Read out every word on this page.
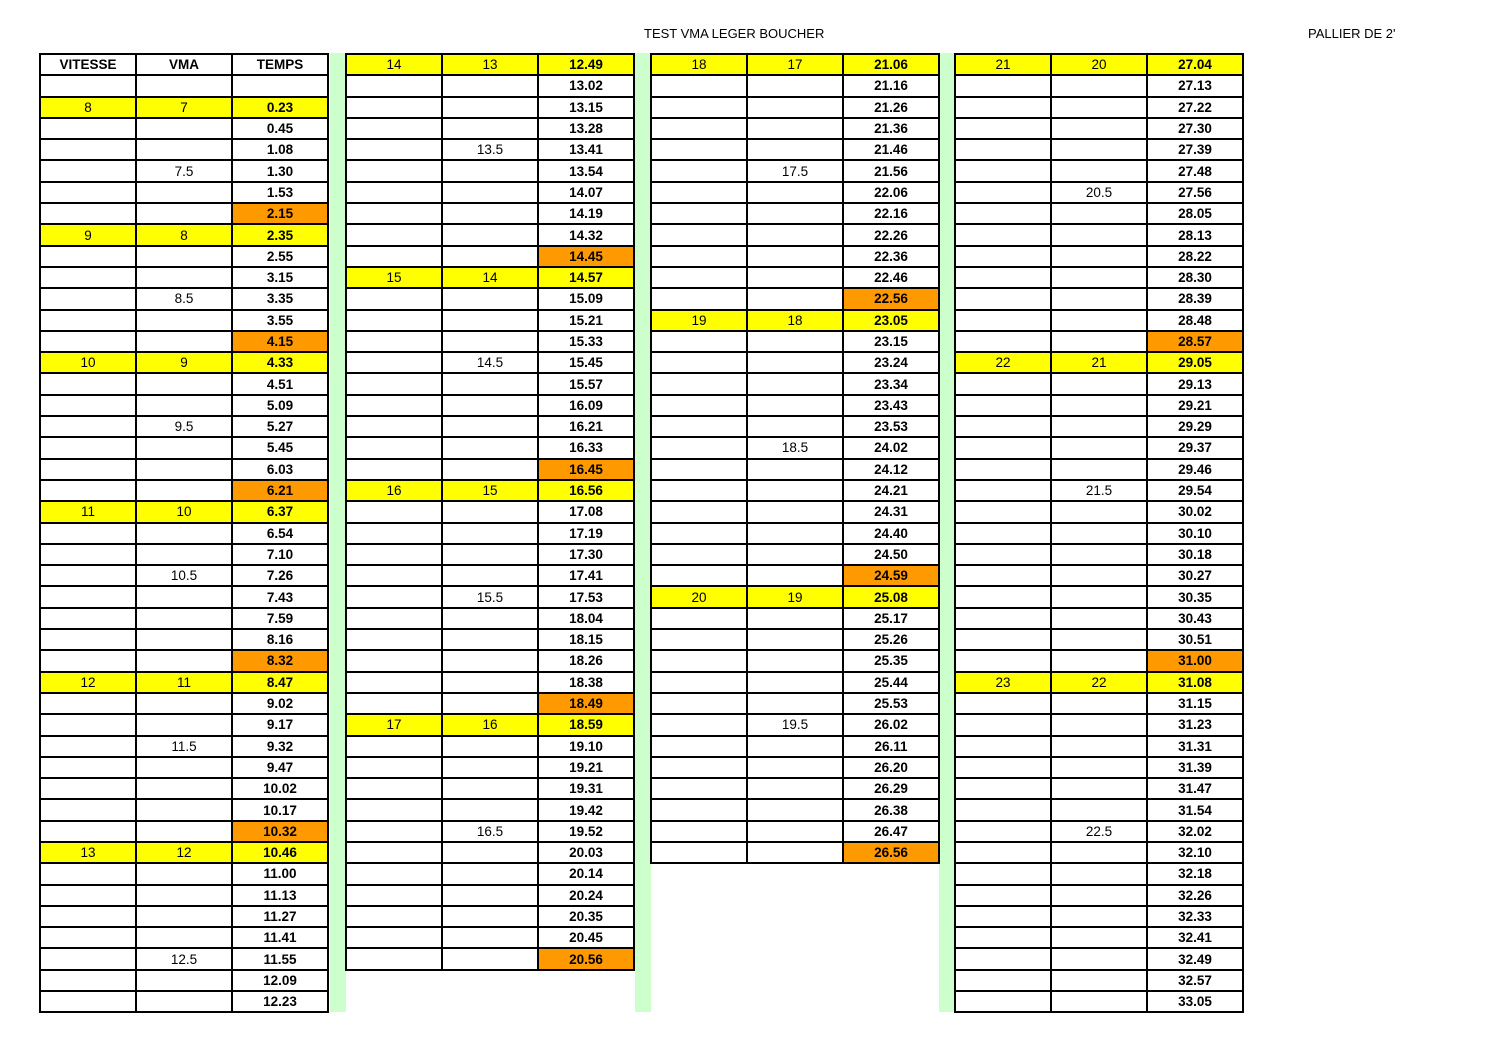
TEST VMA LEGER BOUCHER	PALLIER DE 2'
VITESSE	VMA	TEMPS

8	7	0.23
		0.45
		1.08
	7.5	1.30
		1.53
		2.15
9	8	2.35
		2.55
		3.15
	8.5	3.35
		3.55
		4.15
10	9	4.33
		4.51
		5.09
	9.5	5.27
		5.45
		6.03
		6.21
11	10	6.37
		6.54
		7.10
	10.5	7.26
		7.43
		7.59
		8.16
		8.32
12	11	8.47
		9.02
		9.17
	11.5	9.32
		9.47
		10.02
		10.17
		10.32
13	12	10.46
		11.00
		11.13
		11.27
		11.41
	12.5	11.55
		12.09
		12.23
14	13	12.49
		13.02
		13.15
		13.28
	13.5	13.41
		13.54
		14.07
		14.19
		14.32
		14.45
15	14	14.57
		15.09
		15.21
		15.33
	14.5	15.45
		15.57
		16.09
		16.21
		16.33
		16.45
16	15	16.56
		17.08
		17.19
		17.30
		17.41
	15.5	17.53
		18.04
		18.15
		18.26
		18.38
		18.49
17	16	18.59
		19.10
		19.21
		19.31
		19.42
	16.5	19.52
		20.03
		20.14
		20.24
		20.35
		20.45
		20.56
18	17	21.06
		21.16
		21.26
		21.36
		21.46
	17.5	21.56
		22.06
		22.16
		22.26
		22.36
		22.46
		22.56
19	18	23.05
		23.15
		23.24
		23.34
		23.43
		23.53
	18.5	24.02
		24.12
		24.21
		24.31
		24.40
		24.50
		24.59
20	19	25.08
		25.17
		25.26
		25.35
		25.44
		25.53
	19.5	26.02
		26.11
		26.20
		26.29
		26.38
		26.47
		26.56
21	20	27.04
		27.13
		27.22
		27.30
		27.39
		27.48
	20.5	27.56
		28.05
		28.13
		28.22
		28.30
		28.39
		28.48
		28.57
22	21	29.05
		29.13
		29.21
		29.29
		29.37
		29.46
	21.5	29.54
		30.02
		30.10
		30.18
		30.27
		30.35
		30.43
		30.51
		31.00
23	22	31.08
		31.15
		31.23
		31.31
		31.39
		31.47
		31.54
	22.5	32.02
		32.10
		32.18
		32.26
		32.33
		32.41
		32.49
		32.57
		33.05
